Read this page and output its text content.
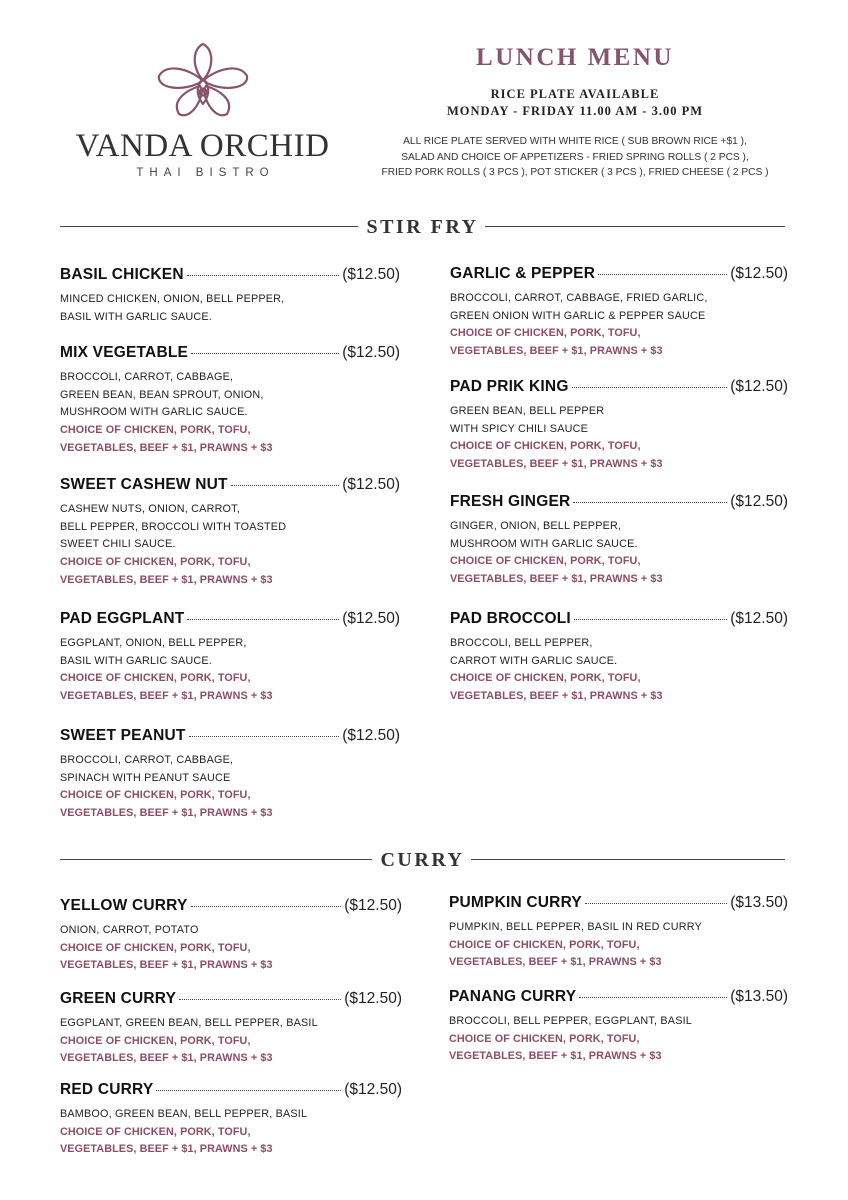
VANDA ORCHID
THAI BISTRO
LUNCH MENU
RICE PLATE AVAILABLE
MONDAY - FRIDAY 11.00 AM - 3.00 PM
ALL RICE PLATE SERVED WITH WHITE RICE ( SUB BROWN RICE +$1 ),
SALAD AND CHOICE OF APPETIZERS - FRIED SPRING ROLLS ( 2 PCS ),
FRIED PORK ROLLS ( 3 PCS ), POT STICKER ( 3 PCS ), FRIED CHEESE ( 2 PCS )
STIR FRY
CURRY
BASIL CHICKEN	($12.50)
MINCED CHICKEN, ONION, BELL PEPPER,
BASIL WITH GARLIC SAUCE.
MIX VEGETABLE	($12.50)
BROCCOLI, CARROT, CABBAGE,
GREEN BEAN, BEAN SPROUT, ONION,
MUSHROOM WITH GARLIC SAUCE.
CHOICE OF CHICKEN, PORK, TOFU,
VEGETABLES, BEEF + $1, PRAWNS + $3
SWEET CASHEW NUT	($12.50)
CASHEW NUTS, ONION, CARROT,
BELL PEPPER, BROCCOLI WITH TOASTED
SWEET CHILI SAUCE.
CHOICE OF CHICKEN, PORK, TOFU,
VEGETABLES, BEEF + $1, PRAWNS + $3
PAD EGGPLANT	($12.50)
EGGPLANT, ONION, BELL PEPPER,
BASIL WITH GARLIC SAUCE.
CHOICE OF CHICKEN, PORK, TOFU,
VEGETABLES, BEEF + $1, PRAWNS + $3
SWEET PEANUT	($12.50)
BROCCOLI, CARROT, CABBAGE,
SPINACH WITH PEANUT SAUCE
CHOICE OF CHICKEN, PORK, TOFU,
VEGETABLES, BEEF + $1, PRAWNS + $3
GARLIC & PEPPER	($12.50)
BROCCOLI, CARROT, CABBAGE, FRIED GARLIC,
GREEN ONION WITH GARLIC & PEPPER SAUCE
CHOICE OF CHICKEN, PORK, TOFU,
VEGETABLES, BEEF + $1, PRAWNS + $3
PAD PRIK KING	($12.50)
GREEN BEAN, BELL PEPPER
WITH SPICY CHILI SAUCE
CHOICE OF CHICKEN, PORK, TOFU,
VEGETABLES, BEEF + $1, PRAWNS + $3
FRESH GINGER	($12.50)
GINGER, ONION, BELL PEPPER,
MUSHROOM WITH GARLIC SAUCE.
CHOICE OF CHICKEN, PORK, TOFU,
VEGETABLES, BEEF + $1, PRAWNS + $3
PAD BROCCOLI	($12.50)
BROCCOLI, BELL PEPPER,
CARROT WITH GARLIC SAUCE.
CHOICE OF CHICKEN, PORK, TOFU,
VEGETABLES, BEEF + $1, PRAWNS + $3
YELLOW CURRY	($12.50)
ONION, CARROT, POTATO
CHOICE OF CHICKEN, PORK, TOFU,
VEGETABLES, BEEF + $1, PRAWNS + $3
GREEN CURRY	($12.50)
EGGPLANT, GREEN BEAN, BELL PEPPER, BASIL
CHOICE OF CHICKEN, PORK, TOFU,
VEGETABLES, BEEF + $1, PRAWNS + $3
RED CURRY	($12.50)
BAMBOO, GREEN BEAN, BELL PEPPER, BASIL
CHOICE OF CHICKEN, PORK, TOFU,
VEGETABLES, BEEF + $1, PRAWNS + $3
PUMPKIN CURRY	($13.50)
PUMPKIN, BELL PEPPER, BASIL IN RED CURRY
CHOICE OF CHICKEN, PORK, TOFU,
VEGETABLES, BEEF + $1, PRAWNS + $3
PANANG CURRY	($13.50)
BROCCOLI, BELL PEPPER, EGGPLANT, BASIL
CHOICE OF CHICKEN, PORK, TOFU,
VEGETABLES, BEEF + $1, PRAWNS + $3
